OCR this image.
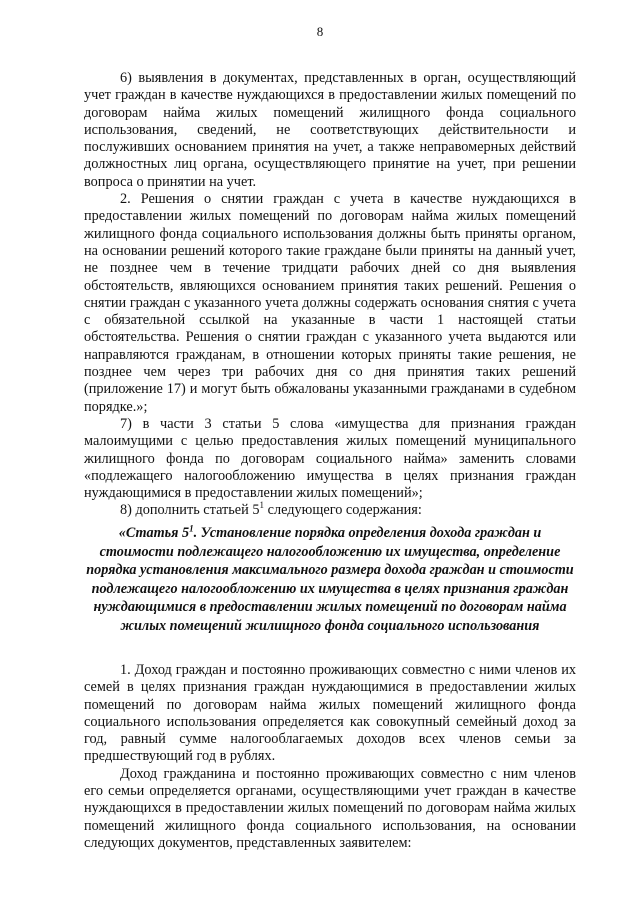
8

6) выявления в документах, представленных в орган, осуществляющий учет граждан в качестве нуждающихся в предоставлении жилых помещений по договорам найма жилых помещений жилищного фонда социального использования, сведений, не соответствующих действительности и послуживших основанием принятия на учет, а также неправомерных действий должностных лиц органа, осуществляющего принятие на учет, при решении вопроса о принятии на учет.

2. Решения о снятии граждан с учета в качестве нуждающихся в предоставлении жилых помещений по договорам найма жилых помещений жилищного фонда социального использования должны быть приняты органом, на основании решений которого такие граждане были приняты на данный учет, не позднее чем в течение тридцати рабочих дней со дня выявления обстоятельств, являющихся основанием принятия таких решений. Решения о снятии граждан с указанного учета должны содержать основания снятия с учета с обязательной ссылкой на указанные в части 1 настоящей статьи обстоятельства. Решения о снятии граждан с указанного учета выдаются или направляются гражданам, в отношении которых приняты такие решения, не позднее чем через три рабочих дня со дня принятия таких решений (приложение 17) и могут быть обжалованы указанными гражданами в судебном порядке.»;

7) в части 3 статьи 5 слова «имущества для признания граждан малоимущими с целью предоставления жилых помещений муниципального жилищного фонда по договорам социального найма» заменить словами «подлежащего налогообложению имущества в целях признания граждан нуждающимися в предоставлении жилых помещений»;

8) дополнить статьей $5^1$ следующего содержания:

«Статья $5^1$. Установление порядка определения дохода граждан и стоимости подлежащего налогообложению их имущества, определение порядка установления максимального размера дохода граждан и стоимости подлежащего налогообложению их имущества в целях признания граждан нуждающимися в предоставлении жилых помещений по договорам найма жилых помещений жилищного фонда социального использования

1. Доход граждан и постоянно проживающих совместно с ними членов их семей в целях признания граждан нуждающимися в предоставлении жилых помещений по договорам найма жилых помещений жилищного фонда социального использования определяется как совокупный семейный доход за год, равный сумме налогооблагаемых доходов всех членов семьи за предшествующий год в рублях.

Доход гражданина и постоянно проживающих совместно с ним членов его семьи определяется органами, осуществляющими учет граждан в качестве нуждающихся в предоставлении жилых помещений по договорам найма жилых помещений жилищного фонда социального использования, на основании следующих документов, представленных заявителем:
